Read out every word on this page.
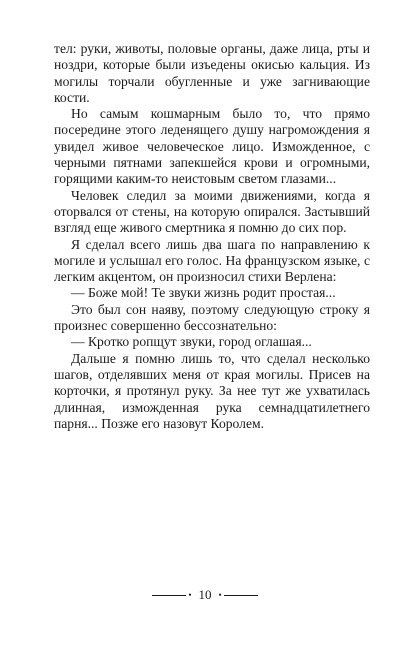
тел: руки, животы, половые органы, даже лица, рты и ноздри, которые были изъедены окисью кальция. Из могилы торчали обугленные и уже загнивающие кости.

Но самым кошмарным было то, что прямо посередине этого леденящего душу нагромождения я увидел живое человеческое лицо. Изможденное, с черными пятнами запекшейся крови и огромными, горящими каким-то неистовым светом глазами...

Человек следил за моими движениями, когда я оторвался от стены, на которую опирался. Застывший взгляд еще живого смертника я помню до сих пор.

Я сделал всего лишь два шага по направлению к могиле и услышал его голос. На французском языке, с легким акцентом, он произносил стихи Верлена:

— Боже мой! Те звуки жизнь родит простая...

Это был сон наяву, поэтому следующую строку я произнес совершенно бессознательно:

— Кротко ропщут звуки, город оглашая...

Дальше я помню лишь то, что сделал несколько шагов, отделявших меня от края могилы. Присев на корточки, я протянул руку. За нее тут же ухватилась длинная, изможденная рука семнадцатилетнего парня... Позже его назовут Королем.

• 10 •
